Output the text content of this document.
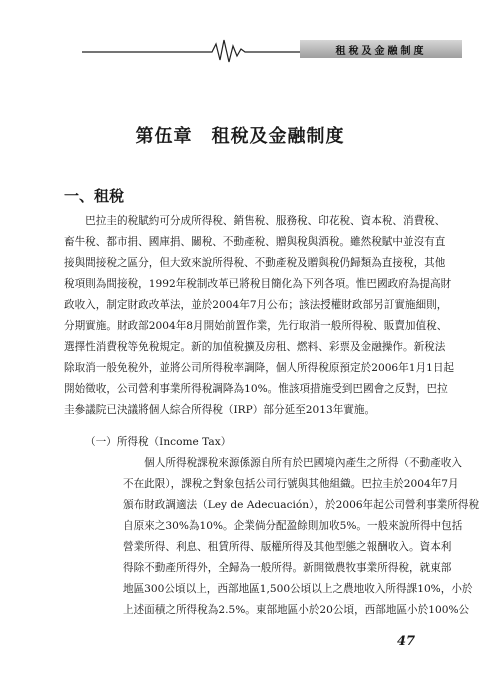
租稅及金融制度
第伍章　租稅及金融制度
一、租稅
　　巴拉圭的稅賦約可分成所得稅、銷售稅、服務稅、印花稅、資本稅、消費稅、
畜牛稅、都市捐、國庫捐、關稅、不動產稅、贈與稅與酒稅。雖然稅賦中並沒有直
接與間接稅之區分，但大致來說所得稅、不動產稅及贈與稅仍歸類為直接稅，其他
稅項則為間接稅，1992年稅制改革已將稅目簡化為下列各項。惟巴國政府為提高財
政收入，制定財政改革法，並於2004年7月公布；該法授權財政部另訂實施細則，
分期實施。財政部2004年8月開始前置作業，先行取消一般所得稅、販賣加值稅、
選擇性消費稅等免稅規定。新的加值稅擴及房租、燃料、彩票及金融操作。新稅法
除取消一般免稅外，並將公司所得稅率調降，個人所得稅原預定於2006年1月1日起
開始徵收，公司營利事業所得稅調降為10%。惟該項措施受到巴國會之反對，巴拉
圭參議院已決議將個人綜合所得稅（IRP）部分延至2013年實施。
（一）所得稅（Income Tax）
　　個人所得稅課稅來源係源自所有於巴國境內產生之所得（不動產收入
不在此限），課稅之對象包括公司行號與其他組織。巴拉圭於2004年7月
頒布財政調適法（Ley de Adecuación），於2006年起公司營利事業所得稅
自原來之30%為10%。企業倘分配盈餘則加收5%。一般來說所得中包括
營業所得、利息、租賃所得、版權所得及其他型態之報酬收入。資本利
得除不動產所得外，全歸為一般所得。新開徵農牧事業所得稅，就東部
地區300公頃以上，西部地區1,500公頃以上之農地收入所得課10%，小於
上述面積之所得稅為2.5%。東部地區小於20公頃，西部地區小於100%公
47
